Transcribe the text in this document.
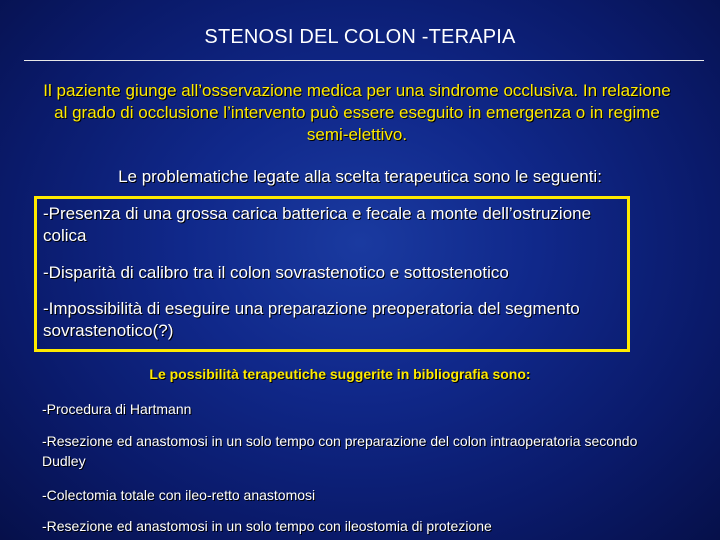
STENOSI DEL COLON -TERAPIA
Il paziente giunge all’osservazione medica per una sindrome occlusiva. In relazione al grado di occlusione l’intervento può essere eseguito in emergenza o in regime semi-elettivo.
Le problematiche legate alla scelta terapeutica sono le seguenti:
-Presenza di una grossa carica batterica e fecale a monte dell’ostruzione colica
-Disparità di calibro tra il colon sovrastenotico e sottostenotico
-Impossibilità di eseguire una preparazione preoperatoria del segmento sovrastenotico(?)
Le possibilità terapeutiche suggerite in bibliografia sono:
-Procedura di Hartmann
-Resezione ed anastomosi in un solo tempo con preparazione del colon intraoperatoria secondo Dudley
-Colectomia totale con ileo-retto anastomosi
-Resezione ed anastomosi in un solo tempo con ileostomia di protezione
